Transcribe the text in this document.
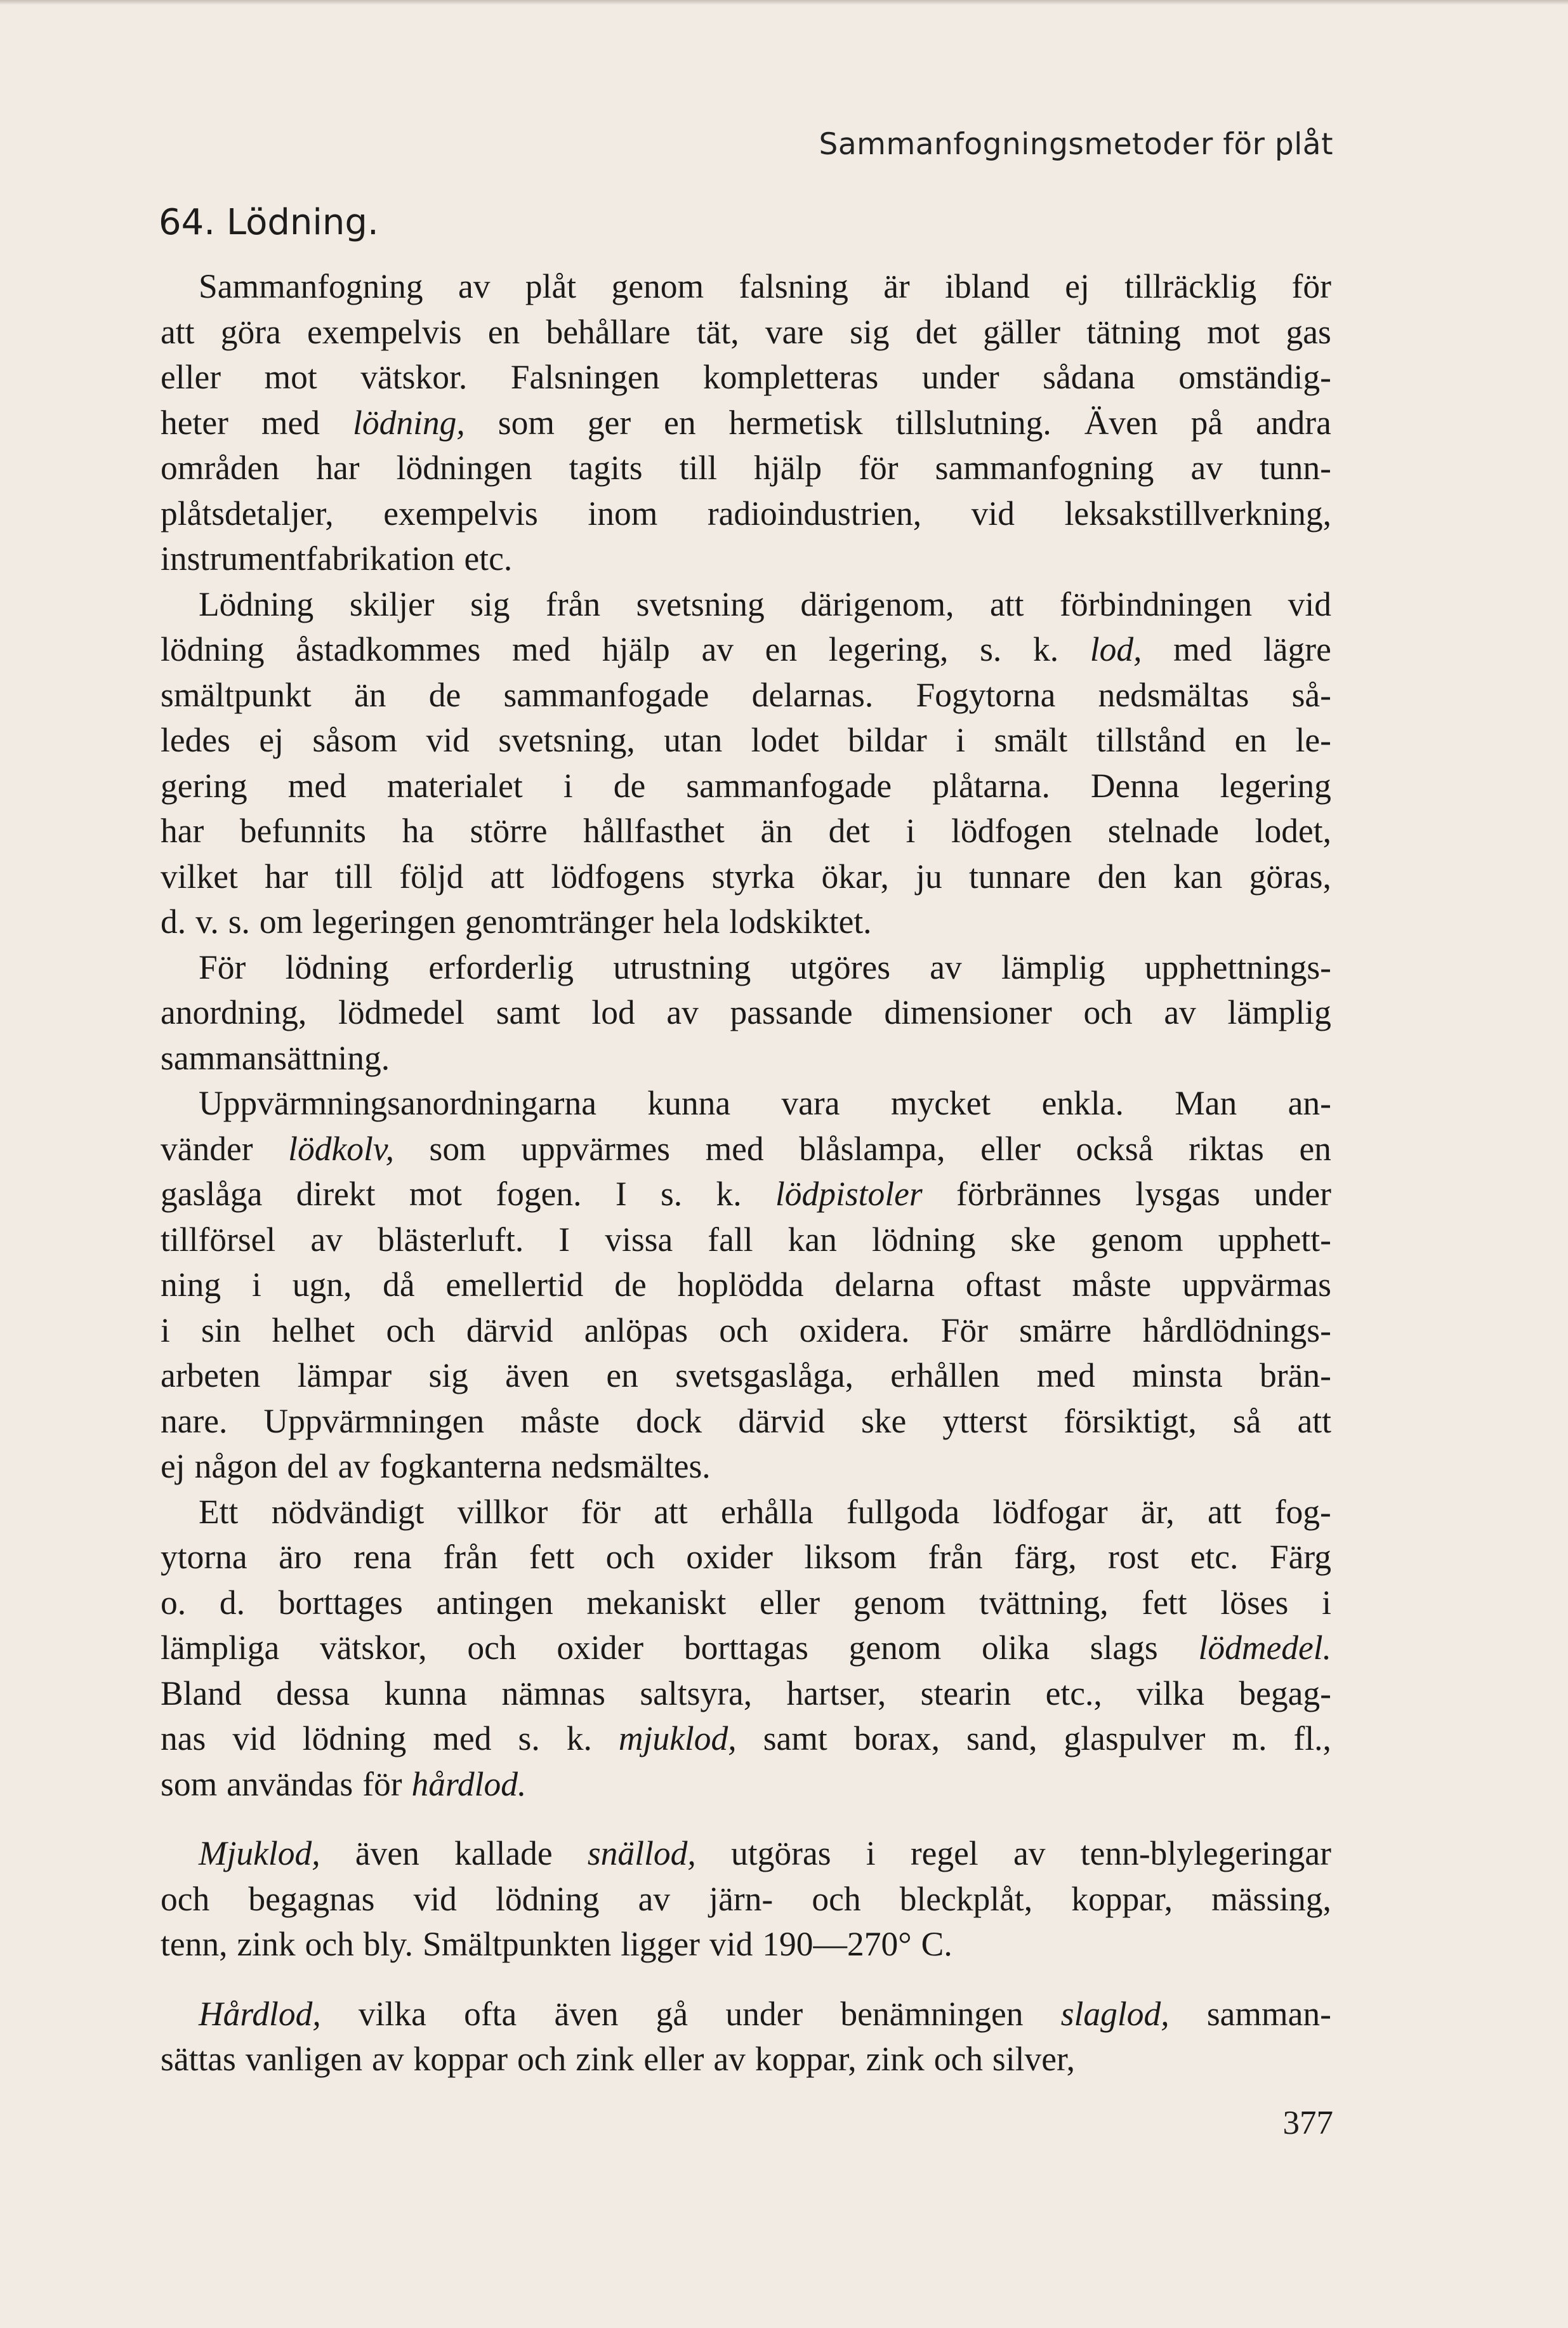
Sammanfogningsmetoder för plåt
64. Lödning.
Sammanfogning av plåt genom falsning är ibland ej tillräcklig för
att göra exempelvis en behållare tät, vare sig det gäller tätning mot gas
eller mot vätskor. Falsningen kompletteras under sådana omständig-
heter med lödning, som ger en hermetisk tillslutning. Även på andra
områden har lödningen tagits till hjälp för sammanfogning av tunn-
plåtsdetaljer, exempelvis inom radioindustrien, vid leksakstillverkning,
instrumentfabrikation etc.
Lödning skiljer sig från svetsning därigenom, att förbindningen vid
lödning åstadkommes med hjälp av en legering, s. k. lod, med lägre
smältpunkt än de sammanfogade delarnas. Fogytorna nedsmältas så-
ledes ej såsom vid svetsning, utan lodet bildar i smält tillstånd en le-
gering med materialet i de sammanfogade plåtarna. Denna legering
har befunnits ha större hållfasthet än det i lödfogen stelnade lodet,
vilket har till följd att lödfogens styrka ökar, ju tunnare den kan göras,
d. v. s. om legeringen genomtränger hela lodskiktet.
För lödning erforderlig utrustning utgöres av lämplig upphettnings-
anordning, lödmedel samt lod av passande dimensioner och av lämplig
sammansättning.
Uppvärmningsanordningarna kunna vara mycket enkla. Man an-
vänder lödkolv, som uppvärmes med blåslampa, eller också riktas en
gaslåga direkt mot fogen. I s. k. lödpistoler förbrännes lysgas under
tillförsel av blästerluft. I vissa fall kan lödning ske genom upphett-
ning i ugn, då emellertid de hoplödda delarna oftast måste uppvärmas
i sin helhet och därvid anlöpas och oxidera. För smärre hårdlödnings-
arbeten lämpar sig även en svetsgaslåga, erhållen med minsta brän-
nare. Uppvärmningen måste dock därvid ske ytterst försiktigt, så att
ej någon del av fogkanterna nedsmältes.
Ett nödvändigt villkor för att erhålla fullgoda lödfogar är, att fog-
ytorna äro rena från fett och oxider liksom från färg, rost etc. Färg
o. d. borttages antingen mekaniskt eller genom tvättning, fett löses i
lämpliga vätskor, och oxider borttagas genom olika slags lödmedel.
Bland dessa kunna nämnas saltsyra, hartser, stearin etc., vilka begag-
nas vid lödning med s. k. mjuklod, samt borax, sand, glaspulver m. fl.,
som användas för hårdlod.
Mjuklod, även kallade snällod, utgöras i regel av tenn-blylegeringar
och begagnas vid lödning av järn- och bleckplåt, koppar, mässing,
tenn, zink och bly. Smältpunkten ligger vid 190—270° C.
Hårdlod, vilka ofta även gå under benämningen slaglod, samman-
sättas vanligen av koppar och zink eller av koppar, zink och silver,
377
